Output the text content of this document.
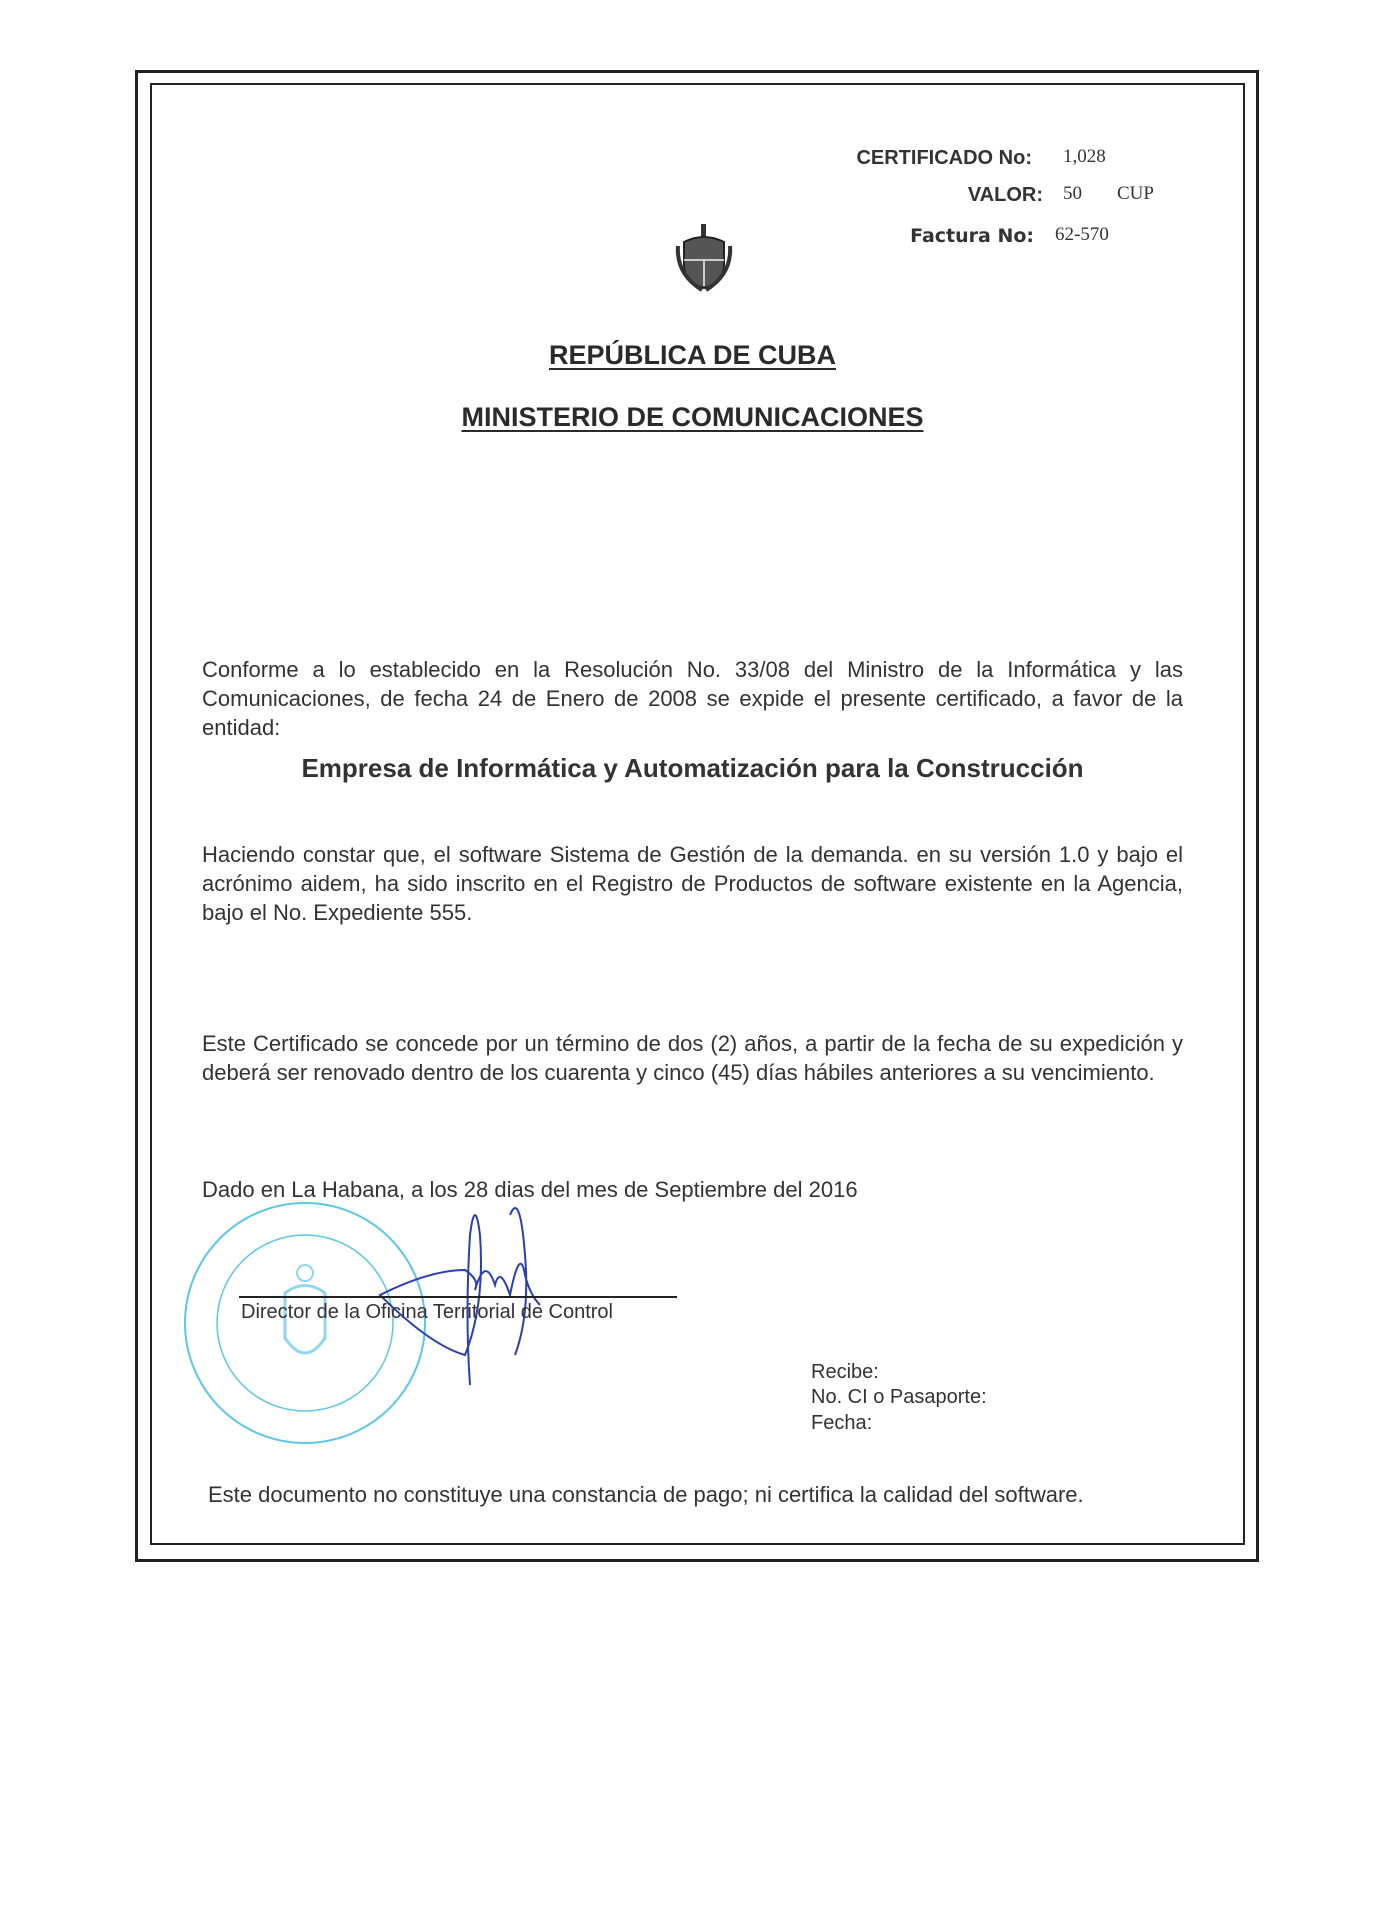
CERTIFICADO No: 1,028
VALOR: 50 CUP
Factura No: 62-570
REPÚBLICA DE CUBA
MINISTERIO DE COMUNICACIONES
Conforme a lo establecido en la Resolución No. 33/08 del Ministro de la Informática y las Comunicaciones, de fecha 24 de Enero de 2008 se expide el presente certificado, a favor de la entidad:
Empresa de Informática y Automatización para la Construcción
Haciendo constar que, el software Sistema de Gestión de la demanda. en su versión 1.0 y bajo el acrónimo aidem, ha sido inscrito en el Registro de Productos de software existente en la Agencia, bajo el No. Expediente 555.
Este Certificado se concede por un término de dos (2) años, a partir de la fecha de su expedición y deberá ser renovado dentro de los cuarenta y cinco (45) días hábiles anteriores a su vencimiento.
Dado en La Habana, a los 28 dias del mes de Septiembre del 2016
Director de la Oficina Territorial de Control
Recibe:
No. CI o Pasaporte:
Fecha:
Este documento no constituye una constancia de pago; ni certifica la calidad del software.
